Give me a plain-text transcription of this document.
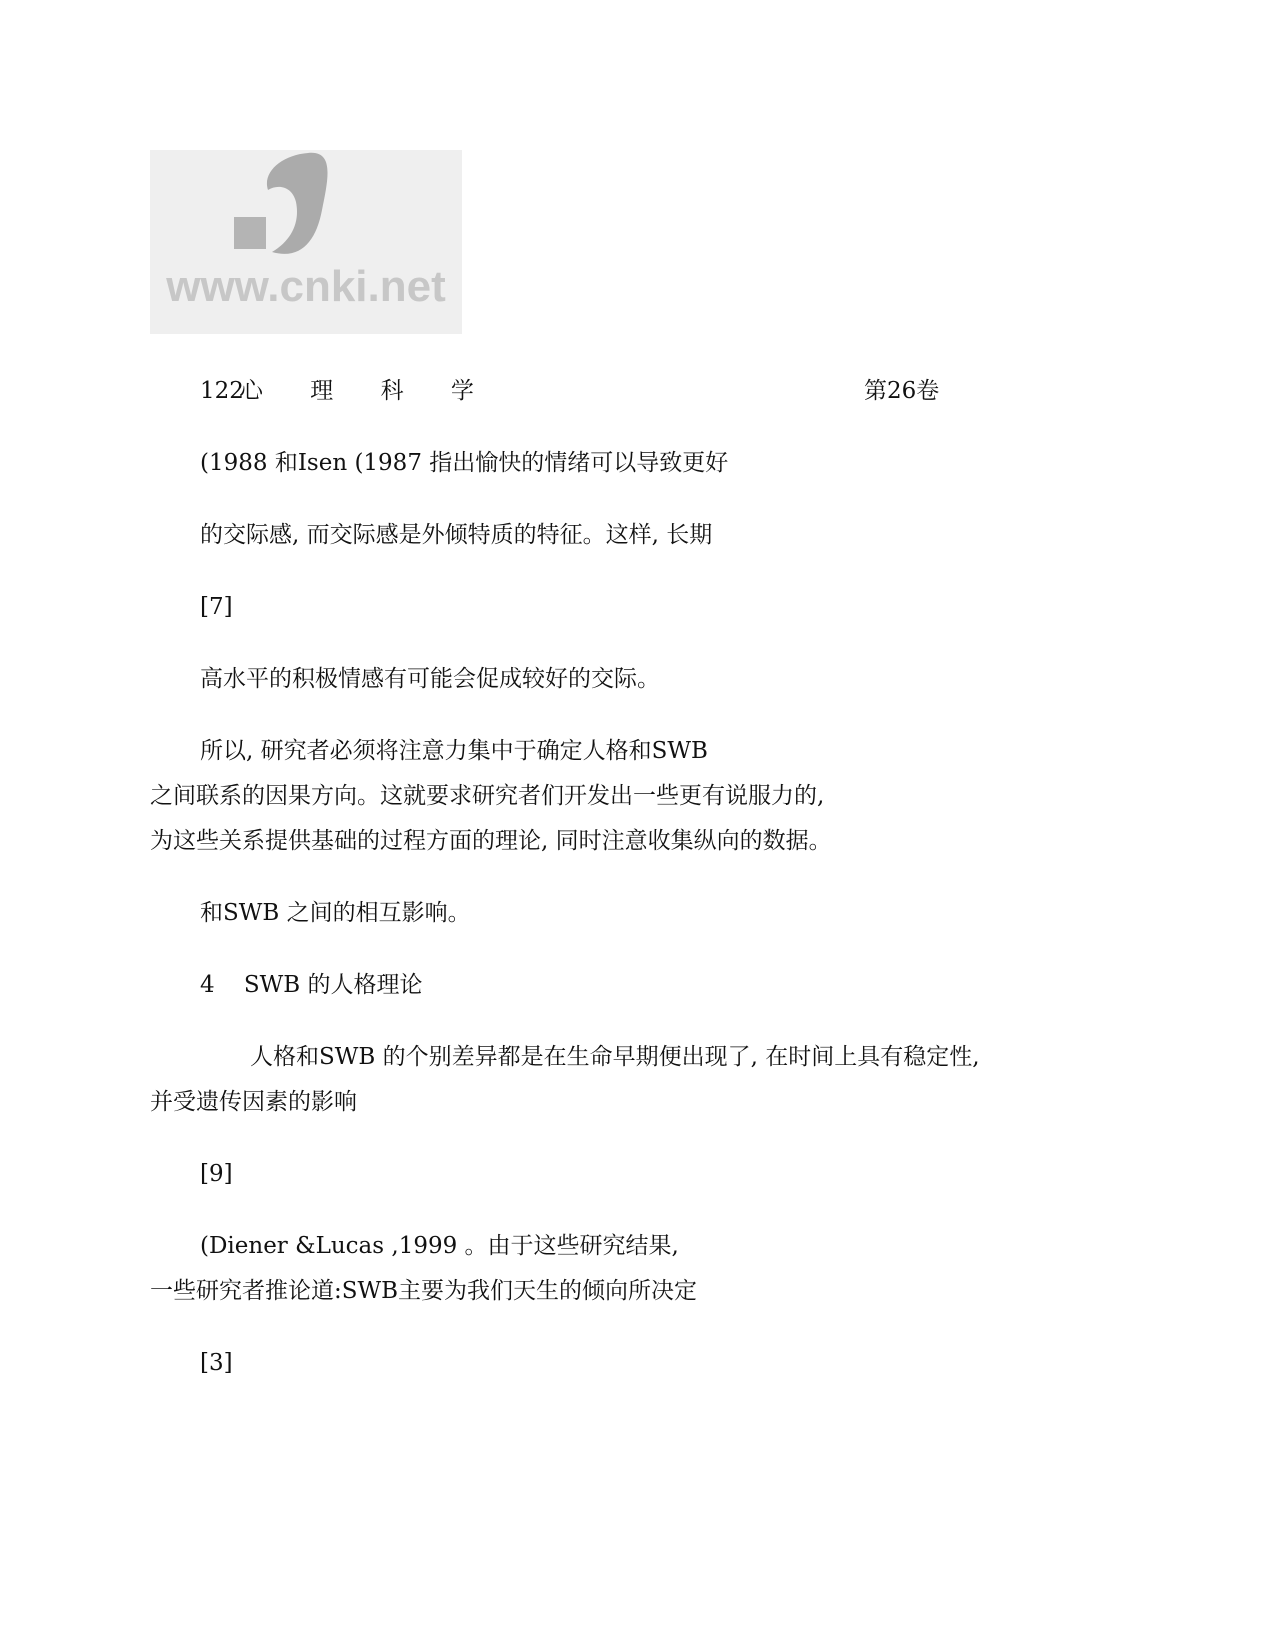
www.cnki.net
122
心 理 科 学	第26卷
(1988 和Isen (1987 指出愉快的情绪可以导致更好
的交际感, 而交际感是外倾特质的特征。这样, 长期
[7]
高水平的积极情感有可能会促成较好的交际。
所以, 研究者必须将注意力集中于确定人格和SWB
之间联系的因果方向。这就要求研究者们开发出一些更有说服力的,
为这些关系提供基础的过程方面的理论, 同时注意收集纵向的数据。
和SWB 之间的相互影响。
4    SWB 的人格理论
人格和SWB 的个别差异都是在生命早期便出现了, 在时间上具有稳定性,
并受遗传因素的影响
[9]
(Diener &Lucas ,1999 。由于这些研究结果,
一些研究者推论道:SWB主要为我们天生的倾向所决定
[3]
